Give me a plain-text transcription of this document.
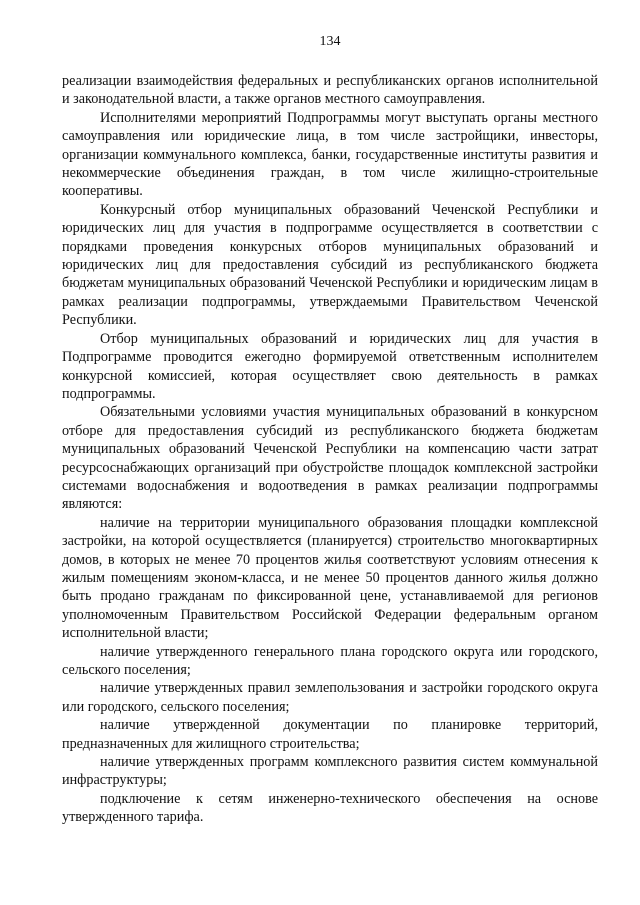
134

реализации взаимодействия федеральных и республиканских органов исполнительной и законодательной власти, а также органов местного самоуправления.

Исполнителями мероприятий Подпрограммы могут выступать органы местного самоуправления или юридические лица, в том числе застройщики, инвесторы, организации коммунального комплекса, банки, государственные институты развития и некоммерческие объединения граждан, в том числе жилищно-строительные кооперативы.

Конкурсный отбор муниципальных образований Чеченской Республики и юридических лиц для участия в подпрограмме осуществляется в соответствии с порядками проведения конкурсных отборов муниципальных образований и юридических лиц для предоставления субсидий из республиканского бюджета бюджетам муниципальных образований Чеченской Республики и юридическим лицам в рамках реализации подпрограммы, утверждаемыми Правительством Чеченской Республики.

Отбор муниципальных образований и юридических лиц для участия в Подпрограмме проводится ежегодно формируемой ответственным исполнителем конкурсной комиссией, которая осуществляет свою деятельность в рамках подпрограммы.

Обязательными условиями участия муниципальных образований в конкурсном отборе для предоставления субсидий из республиканского бюджета бюджетам муниципальных образований Чеченской Республики на компенсацию части затрат ресурсоснабжающих организаций при обустройстве площадок комплексной застройки системами водоснабжения и водоотведения в рамках реализации подпрограммы являются:

наличие на территории муниципального образования площадки комплексной застройки, на которой осуществляется (планируется) строительство многоквартирных домов, в которых не менее 70 процентов жилья соответствуют условиям отнесения к жилым помещениям эконом-класса, и не менее 50 процентов данного жилья должно быть продано гражданам по фиксированной цене, устанавливаемой для регионов уполномоченным Правительством Российской Федерации федеральным органом исполнительной власти;

наличие утвержденного генерального плана городского округа или городского, сельского поселения;

наличие утвержденных правил землепользования и застройки городского округа или городского, сельского поселения;

наличие утвержденной документации по планировке территорий, предназначенных для жилищного строительства;

наличие утвержденных программ комплексного развития систем коммунальной инфраструктуры;

подключение к сетям инженерно-технического обеспечения на основе утвержденного тарифа.
